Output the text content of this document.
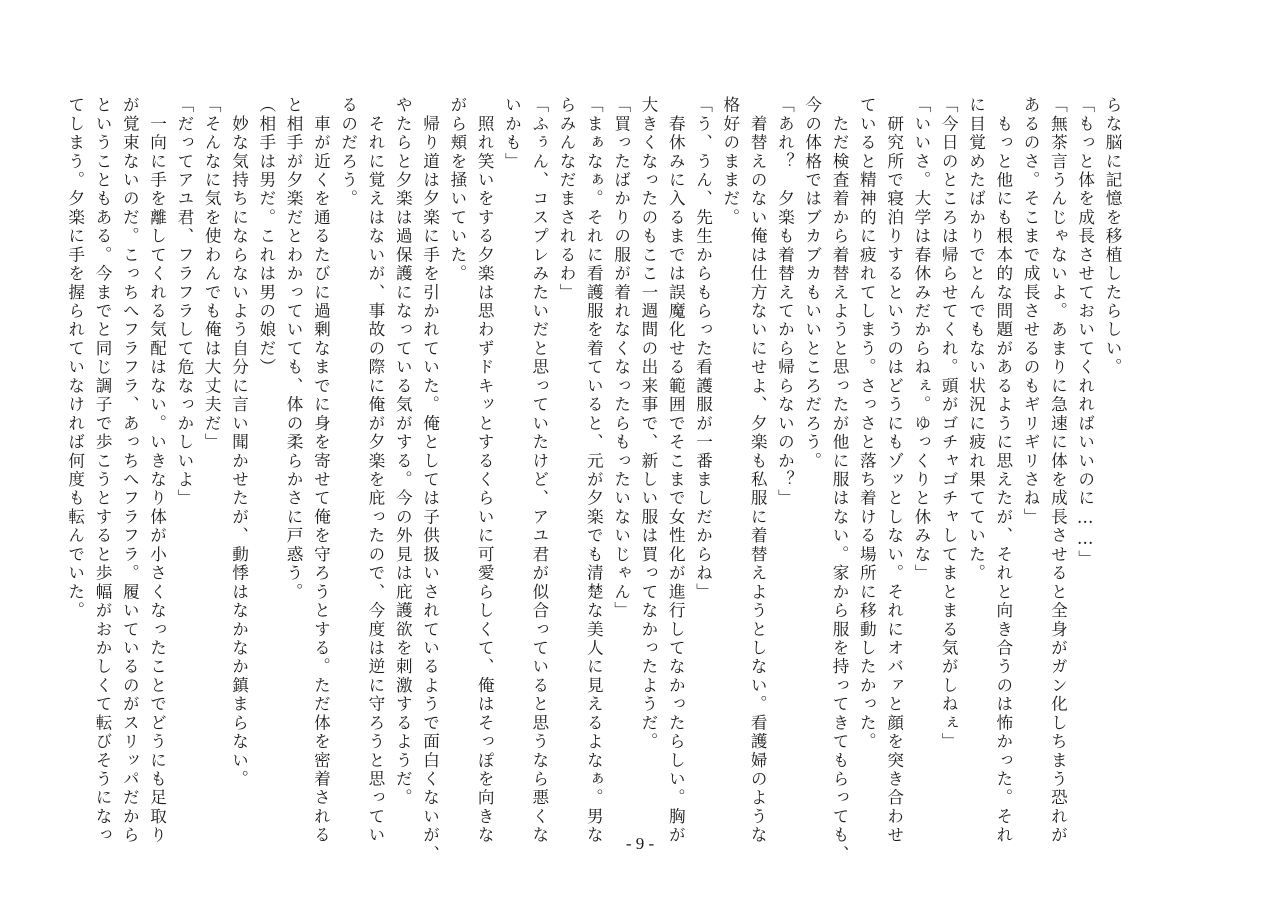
らな脳に記憶を移植したらしい。
「もっと体を成長させておいてくれればいいのに……」
「無茶言うんじゃないよ。あまりに急速に体を成長させると全身がガン化しちまう恐れが
あるのさ。そこまで成長させるのもギリギリさね」
　もっと他にも根本的な問題があるように思えたが、それと向き合うのは怖かった。それ
に目覚めたばかりでとんでもない状況に疲れ果てていた。
「今日のところは帰らせてくれ。頭がゴチャゴチャしてまとまる気がしねぇ」
「いいさ。大学は春休みだからねぇ。ゆっくりと休みな」
　研究所で寝泊りするというのはどうにもゾッとしない。それにオバァと顔を突き合わせ
ていると精神的に疲れてしまう。さっさと落ち着ける場所に移動したかった。
　ただ検査着から着替えようと思ったが他に服はない。家から服を持ってきてもらっても、
今の体格ではブカブカもいいところだろう。
「あれ？　夕楽も着替えてから帰らないのか？」
　着替えのない俺は仕方ないにせよ、夕楽も私服に着替えようとしない。看護婦のような
格好のままだ。
「う、うん、先生からもらった看護服が一番ましだからね」
　春休みに入るまでは誤魔化せる範囲でそこまで女性化が進行してなかったらしい。胸が
大きくなったのもここ一週間の出来事で、新しい服は買ってなかったようだ。
「買ったばかりの服が着れなくなったらもったいないじゃん」
「まぁなぁ。それに看護服を着ていると、元が夕楽でも清楚な美人に見えるよなぁ。男な
らみんなだまされるわ」
「ふぅん、コスプレみたいだと思っていたけど、アユ君が似合っていると思うなら悪くな
いかも」
　照れ笑いをする夕楽は思わずドキッとするくらいに可愛らしくて、俺はそっぽを向きな
がら頬を掻いていた。
　帰り道は夕楽に手を引かれていた。俺としては子供扱いされているようで面白くないが、
やたらと夕楽は過保護になっている気がする。今の外見は庇護欲を刺激するようだ。
　それに覚えはないが、事故の際に俺が夕楽を庇ったので、今度は逆に守ろうと思ってい
るのだろう。
　車が近くを通るたびに過剰なまでに身を寄せて俺を守ろうとする。ただ体を密着される
と相手が夕楽だとわかっていても、体の柔らかさに戸惑う。
（相手は男だ。これは男の娘だ）
　妙な気持ちにならないよう自分に言い聞かせたが、動悸はなかなか鎮まらない。
「そんなに気を使わんでも俺は大丈夫だ」
「だってアユ君、フラフラして危なっかしいよ」
　一向に手を離してくれる気配はない。いきなり体が小さくなったことでどうにも足取り
が覚束ないのだ。こっちへフラフラ、あっちへフラフラ。履いているのがスリッパだから
ということもある。今までと同じ調子で歩こうとすると歩幅がおかしくて転びそうになっ
てしまう。夕楽に手を握られていなければ何度も転んでいた。
- 9 -
